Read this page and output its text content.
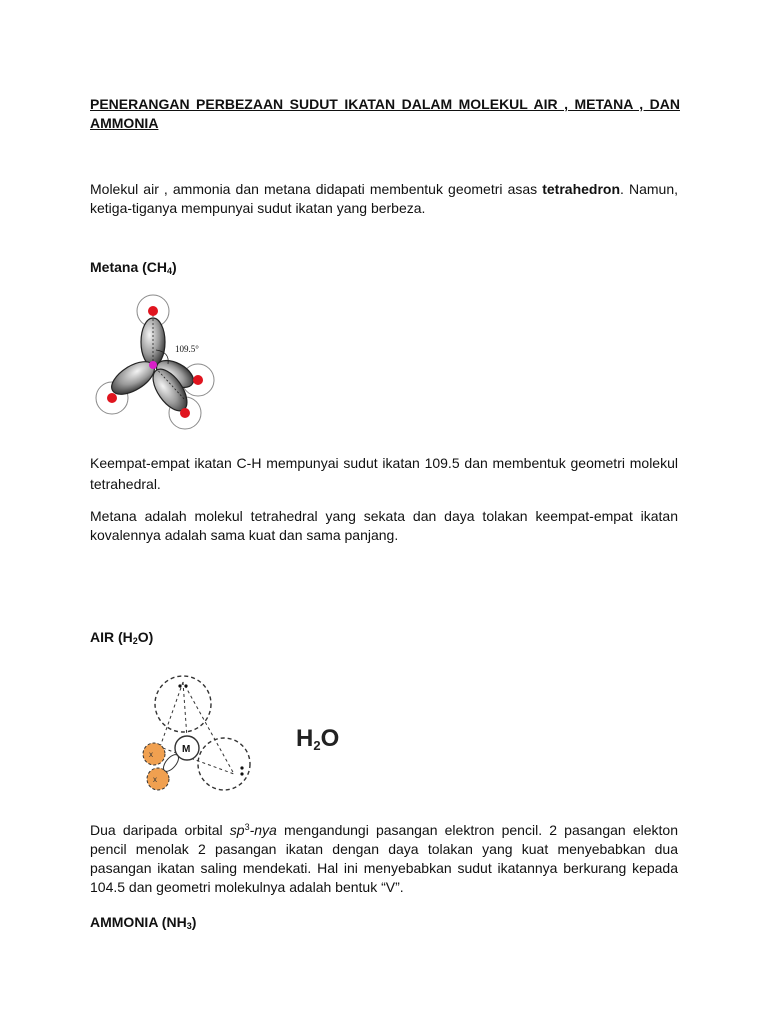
PENERANGAN PERBEZAAN SUDUT IKATAN DALAM MOLEKUL AIR , METANA , DAN AMMONIA
Molekul air , ammonia dan metana didapati membentuk geometri asas tetrahedron. Namun, ketiga-tiganya mempunyai sudut ikatan yang berbeza.
Metana $(CH_4)$
109.5°
Keempat-empat ikatan C-H mempunyai sudut ikatan 109.5 dan membentuk geometri molekul tetrahedral.
Metana adalah molekul tetrahedral yang sekata dan daya tolakan keempat-empat ikatan kovalennya adalah sama kuat dan sama panjang.
AIR $(H_2O)$
M
x
x
$H_2O$
Dua daripada orbital $sp^3$-nya mengandungi pasangan elektron pencil. 2 pasangan elekton pencil menolak 2 pasangan ikatan dengan daya tolakan yang kuat menyebabkan dua pasangan ikatan saling mendekati. Hal ini menyebabkan sudut ikatannya berkurang kepada 104.5 dan geometri molekulnya adalah bentuk “V”.
AMMONIA $(NH_3)$
